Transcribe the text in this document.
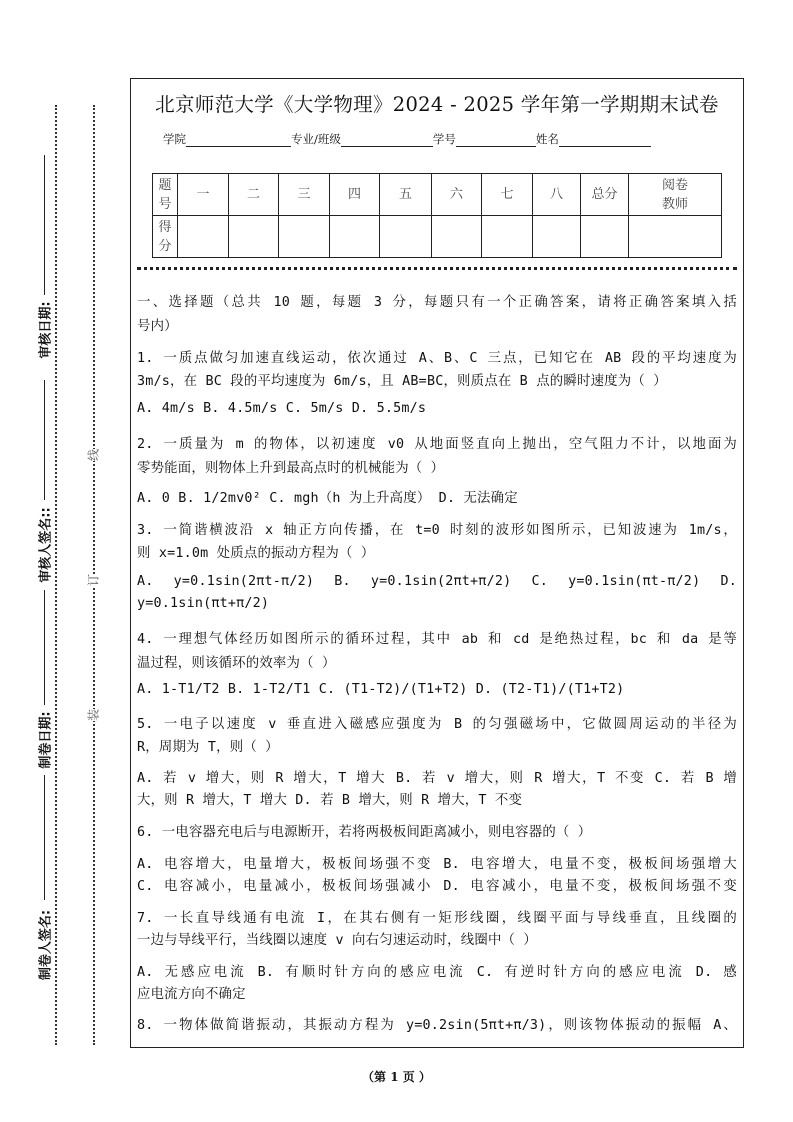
审核日期:
审核人签名::
制卷日期:
制卷人签名:
线
订
装
北京师范大学《大学物理》2024 - 2025 学年第一学期期末试卷
学院	专业/班级	学号	姓名
题号	一	二	三	四	五	六	七	八	总分	阅卷教师
得分										
一、选择题（总共 10 题，每题 3 分，每题只有一个正确答案，请将正确答案填入括
号内）
1. 一质点做匀加速直线运动，依次通过 A、B、C 三点，已知它在 AB 段的平均速度为
3m/s，在 BC 段的平均速度为 6m/s，且 AB=BC，则质点在 B 点的瞬时速度为（ ）
A. 4m/s B. 4.5m/s C. 5m/s D. 5.5m/s
2. 一质量为 m 的物体，以初速度 v0 从地面竖直向上抛出，空气阻力不计，以地面为
零势能面，则物体上升到最高点时的机械能为（ ）
A. 0 B. 1/2mv0² C. mgh（h 为上升高度） D. 无法确定
3. 一简谐横波沿 x 轴正方向传播，在 t=0 时刻的波形如图所示，已知波速为 1m/s，
则 x=1.0m 处质点的振动方程为（ ）
A. y=0.1sin(2πt-π/2) B. y=0.1sin(2πt+π/2) C. y=0.1sin(πt-π/2) D.
y=0.1sin(πt+π/2)
4. 一理想气体经历如图所示的循环过程，其中 ab 和 cd 是绝热过程，bc 和 da 是等
温过程，则该循环的效率为（ ）
A. 1-T1/T2 B. 1-T2/T1 C. (T1-T2)/(T1+T2) D. (T2-T1)/(T1+T2)
5. 一电子以速度 v 垂直进入磁感应强度为 B 的匀强磁场中，它做圆周运动的半径为
R，周期为 T，则（ ）
A. 若 v 增大，则 R 增大，T 增大 B. 若 v 增大，则 R 增大，T 不变 C. 若 B 增
大，则 R 增大，T 增大 D. 若 B 增大，则 R 增大，T 不变
6. 一电容器充电后与电源断开，若将两极板间距离减小，则电容器的（ ）
A. 电容增大，电量增大，极板间场强不变 B. 电容增大，电量不变，极板间场强增大
C. 电容减小，电量减小，极板间场强减小 D. 电容减小，电量不变，极板间场强不变
7. 一长直导线通有电流 I，在其右侧有一矩形线圈，线圈平面与导线垂直，且线圈的
一边与导线平行，当线圈以速度 v 向右匀速运动时，线圈中（ ）
A. 无感应电流 B. 有顺时针方向的感应电流 C. 有逆时针方向的感应电流 D. 感
应电流方向不确定
8. 一物体做简谐振动，其振动方程为 y=0.2sin(5πt+π/3)，则该物体振动的振幅 A、
（第 1 页 ）
